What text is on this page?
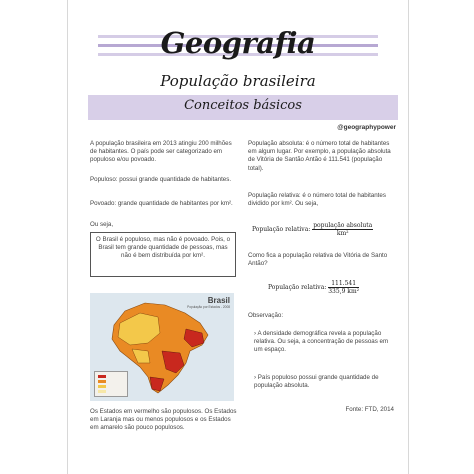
Geografia
População brasileira
Conceitos básicos
@geographypower
A população brasileira em 2013 atingiu 200 milhões de habitantes. O país pode ser categorizado em populoso e/ou povoado.
Populoso: possui grande quantidade de habitantes.
Povoado: grande quantidade de habitantes por km².
Ou seja,
O Brasil é populoso, mas não é povoado. Pois, o Brasil tem grande quantidade de pessoas, mas não é bem distribuída por km².
Brasil
População por Estados - 2008
Os Estados em vermelho são populosos. Os Estados em Laranja mas ou menos populosos e os Estados em amarelo são pouco populosos.
População absoluta: é o número total de habitantes em algum lugar. Por exemplo, a população absoluta de Vitória de Santão Antão é 111.541 (população total).
População relativa: é o número total de habitantes dividido por km². Ou seja,
População relativa: $\frac{\text{população absoluta}}{\text{km²}}$
Como fica a população relativa de Vitória de Santo Antão?
População relativa: $\frac{111.541}{\text{335,9 km²}}$
Observação:
› A densidade demográfica revela a população relativa. Ou seja, a concentração de pessoas em um espaço.
› País populoso possui grande quantidade de população absoluta.
Fonte: FTD, 2014
